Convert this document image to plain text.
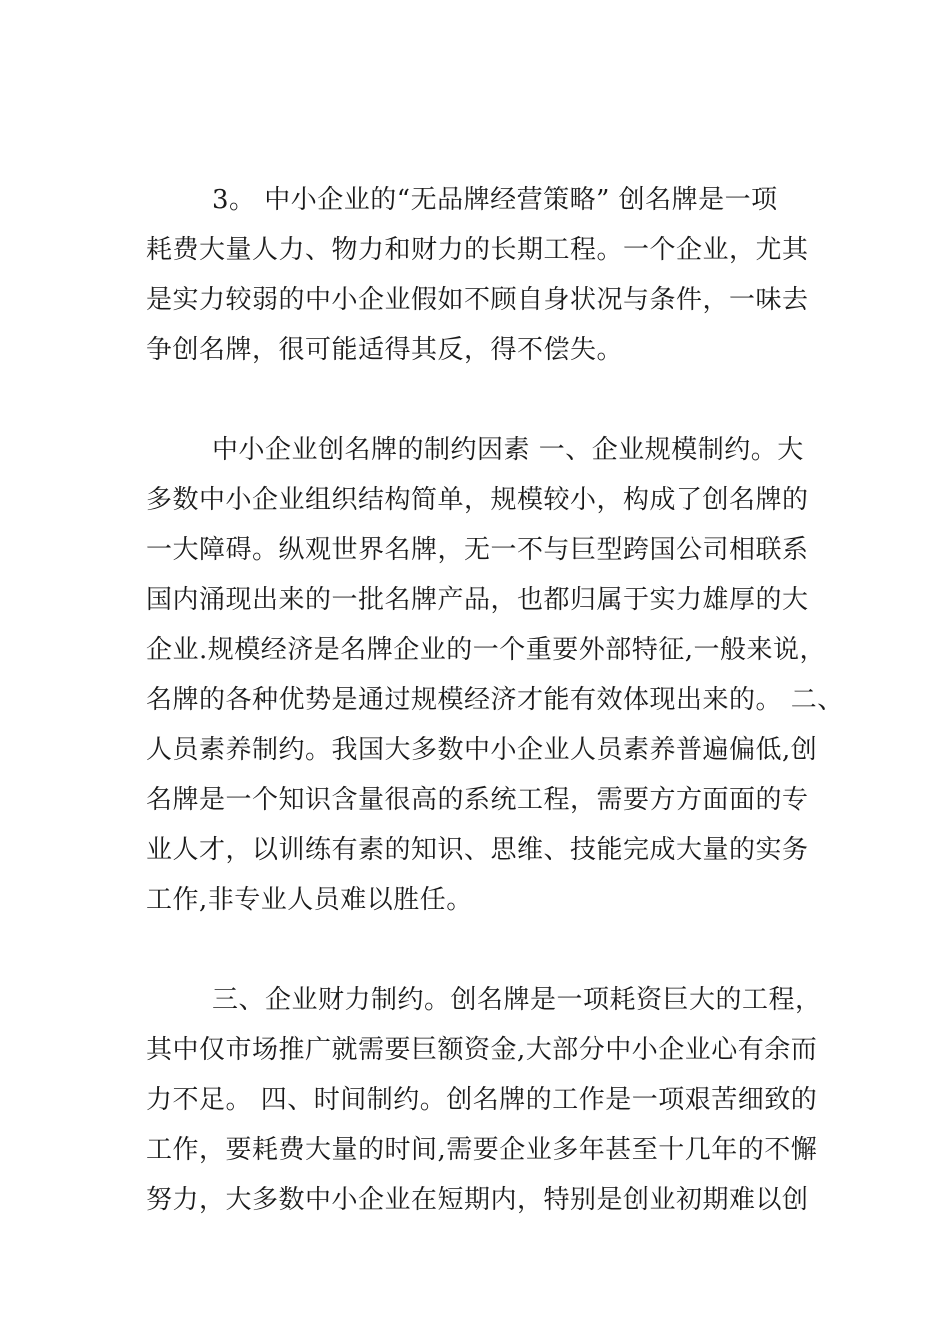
3。 中小企业的“无品牌经营策略” 创名牌是一项
耗费大量人力、物力和财力的长期工程。一个企业，尤其
是实力较弱的中小企业假如不顾自身状况与条件，一味去
争创名牌，很可能适得其反，得不偿失。
中小企业创名牌的制约因素 一、企业规模制约。大
多数中小企业组织结构简单，规模较小，构成了创名牌的
一大障碍。纵观世界名牌，无一不与巨型跨国公司相联系
国内涌现出来的一批名牌产品，也都归属于实力雄厚的大
企业.规模经济是名牌企业的一个重要外部特征,一般来说，
名牌的各种优势是通过规模经济才能有效体现出来的。 二、
人员素养制约。我国大多数中小企业人员素养普遍偏低,创
名牌是一个知识含量很高的系统工程，需要方方面面的专
业人才，以训练有素的知识、思维、技能完成大量的实务
工作,非专业人员难以胜任。
三、企业财力制约。创名牌是一项耗资巨大的工程，
其中仅市场推广就需要巨额资金,大部分中小企业心有余而
力不足。 四、时间制约。创名牌的工作是一项艰苦细致的
工作，要耗费大量的时间,需要企业多年甚至十几年的不懈
努力，大多数中小企业在短期内，特别是创业初期难以创
